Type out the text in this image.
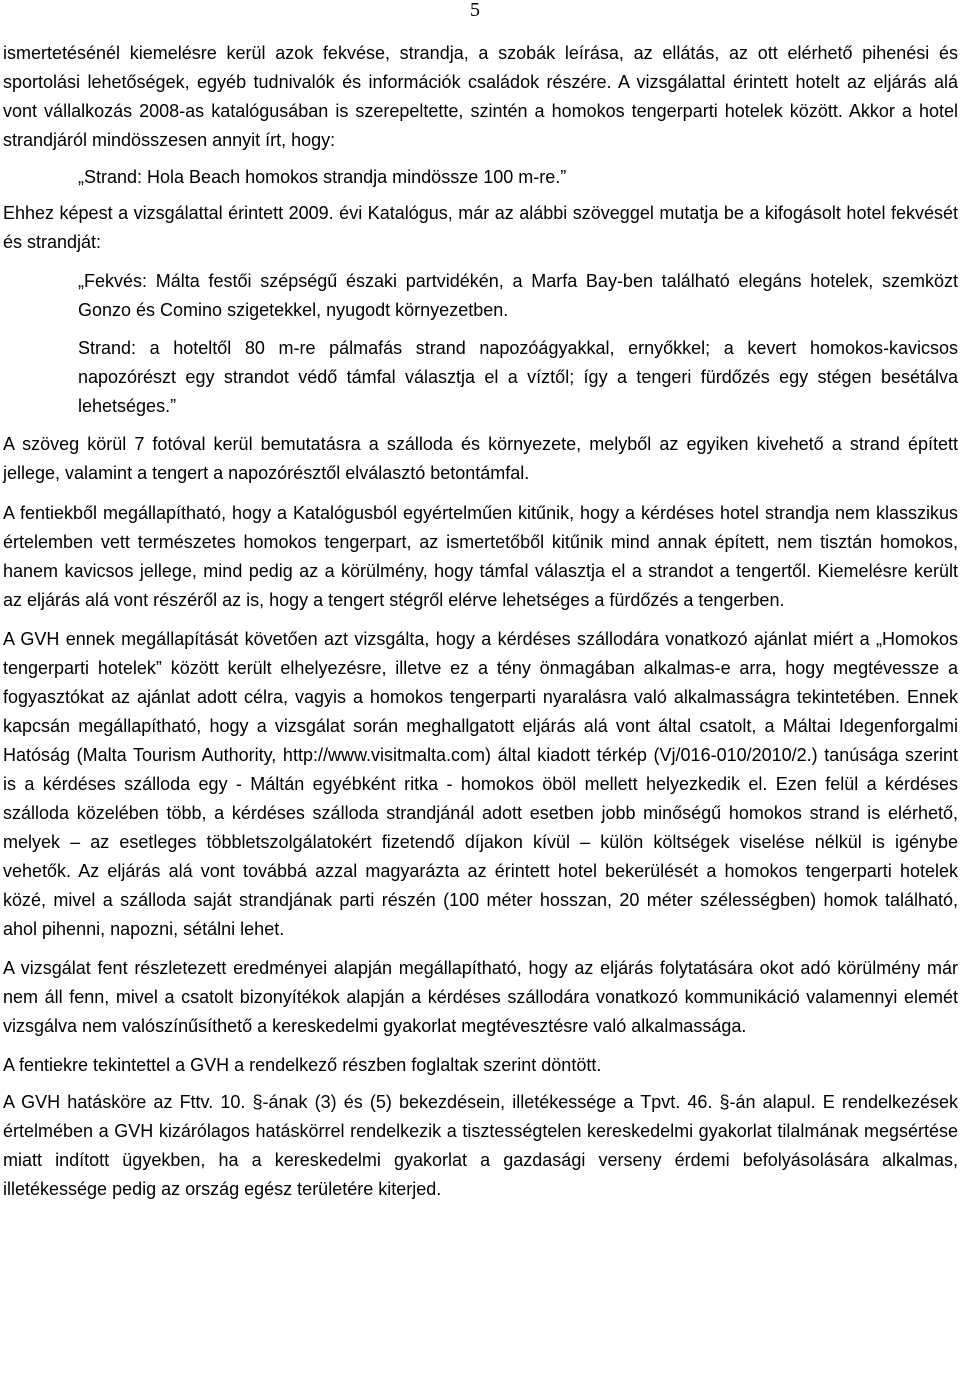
5

ismertetésénél kiemelésre kerül azok fekvése, strandja, a szobák leírása, az ellátás, az ott elérhető pihenési és sportolási lehetőségek, egyéb tudnivalók és információk családok részére. A vizsgálattal érintett hotelt az eljárás alá vont vállalkozás 2008-as katalógusában is szerepeltette, szintén a homokos tengerparti hotelek között. Akkor a hotel strandjáról mindösszesen annyit írt, hogy:

„Strand: Hola Beach homokos strandja mindössze 100 m-re.”

Ehhez képest a vizsgálattal érintett 2009. évi Katalógus, már az alábbi szöveggel mutatja be a kifogásolt hotel fekvését és strandját:

„Fekvés: Málta festői szépségű északi partvidékén, a Marfa Bay-ben található elegáns hotelek, szemközt Gonzo és Comino szigetekkel, nyugodt környezetben.

Strand: a hoteltől 80 m-re pálmafás strand napozóágyakkal, ernyőkkel; a kevert homokos-kavicsos napozórészt egy strandot védő támfal választja el a víztől; így a tengeri fürdőzés egy stégen besétálva lehetséges.”

A szöveg körül 7 fotóval kerül bemutatásra a szálloda és környezete, melyből az egyiken kivehető a strand épített jellege, valamint a tengert a napozórésztől elválasztó betontámfal.

A fentiekből megállapítható, hogy a Katalógusból egyértelműen kitűnik, hogy a kérdéses hotel strandja nem klasszikus értelemben vett természetes homokos tengerpart, az ismertetőből kitűnik mind annak épített, nem tisztán homokos, hanem kavicsos jellege, mind pedig az a körülmény, hogy támfal választja el a strandot a tengertől. Kiemelésre került az eljárás alá vont részéről az is, hogy a tengert stégről elérve lehetséges a fürdőzés a tengerben.

A GVH ennek megállapítását követően azt vizsgálta, hogy a kérdéses szállodára vonatkozó ajánlat miért a „Homokos tengerparti hotelek” között került elhelyezésre, illetve ez a tény önmagában alkalmas-e arra, hogy megtévessze a fogyasztókat az ajánlat adott célra, vagyis a homokos tengerparti nyaralásra való alkalmasságra tekintetében. Ennek kapcsán megállapítható, hogy a vizsgálat során meghallgatott eljárás alá vont által csatolt, a Máltai Idegenforgalmi Hatóság (Malta Tourism Authority, http://www.visitmalta.com) által kiadott térkép (Vj/016-010/2010/2.) tanúsága szerint is a kérdéses szálloda egy - Máltán egyébként ritka - homokos öböl mellett helyezkedik el. Ezen felül a kérdéses szálloda közelében több, a kérdéses szálloda strandjánál adott esetben jobb minőségű homokos strand is elérhető, melyek – az esetleges többletszolgálatokért fizetendő díjakon kívül – külön költségek viselése nélkül is igénybe vehetők. Az eljárás alá vont továbbá azzal magyarázta az érintett hotel bekerülését a homokos tengerparti hotelek közé, mivel a szálloda saját strandjának parti részén (100 méter hosszan, 20 méter szélességben) homok található, ahol pihenni, napozni, sétálni lehet.

A vizsgálat fent részletezett eredményei alapján megállapítható, hogy az eljárás folytatására okot adó körülmény már nem áll fenn, mivel a csatolt bizonyítékok alapján a kérdéses szállodára vonatkozó kommunikáció valamennyi elemét vizsgálva nem valószínűsíthető a kereskedelmi gyakorlat megtévesztésre való alkalmassága.

A fentiekre tekintettel a GVH a rendelkező részben foglaltak szerint döntött.

A GVH hatásköre az Fttv. 10. §-ának (3) és (5) bekezdésein, illetékessége a Tpvt. 46. §-án alapul. E rendelkezések értelmében a GVH kizárólagos hatáskörrel rendelkezik a tisztességtelen kereskedelmi gyakorlat tilalmának megsértése miatt indított ügyekben, ha a kereskedelmi gyakorlat a gazdasági verseny érdemi befolyásolására alkalmas, illetékessége pedig az ország egész területére kiterjed.
